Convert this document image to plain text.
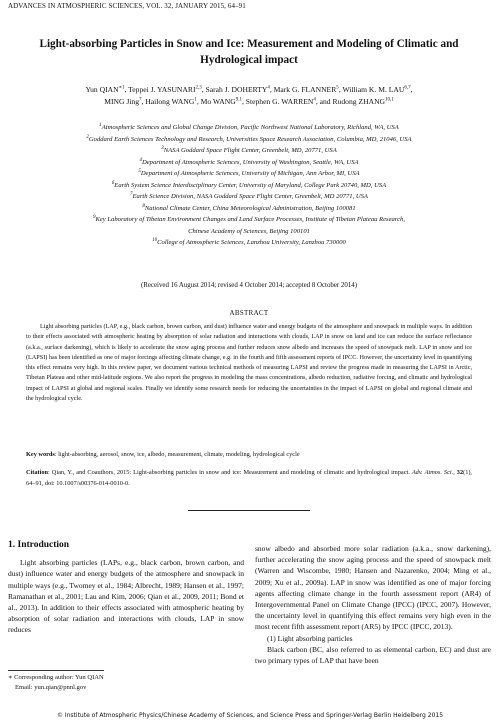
ADVANCES IN ATMOSPHERIC SCIENCES, VOL. 32, JANUARY 2015, 64–91
Light-absorbing Particles in Snow and Ice: Measurement and Modeling of Climatic and Hydrological impact
Yun $QIAN^{∗1}$, Teppei J. YASUNARI$^{2,3}$, Sarah J. DOHERTY$^4$, Mark G. FLANNER$^5$, William K. M. LAU$^{6,7}$,
MING Jing$^7$, Hailong WANG$^1$, Mo WANG$^{9,1}$, Stephen G. WARREN$^4$, and Rudong ZHANG$^{10,1}$
$^1$Atmospheric Sciences and Global Change Division, Pacific Northwest National Laboratory, Richland, WA, USA
$^2$Goddard Earth Sciences Technology and Research, Universities Space Research Association, Columbia, MD, 21046, USA
$^3$NASA Goddard Space Flight Center, Greenbelt, MD, 20771, USA
$^4$Department of Atmospheric Sciences, University of Washington, Seattle, WA, USA
$^5$Department of Atmospheric Sciences, University of Michigan, Ann Arbor, MI, USA
$^6$Earth System Science Interdisciplinary Center, University of Maryland, College Park 20740, MD, USA
$^7$Earth Science Division, NASA Goddard Space Flight Center, Greenbelt, MD 20771, USA
$^8$National Climate Center, China Meteorological Administration, Beijing 100081
$^9$Key Laboratory of Tibetan Environment Changes and Land Surface Processes, Institute of Tibetan Plateau Research,
Chinese Academy of Sciences, Beijing 100101
$^{10}$College of Atmospheric Sciences, Lanzhou University, Lanzhou 730000
(Received 16 August 2014; revised 4 October 2014; accepted 8 October 2014)
ABSTRACT
Light absorbing particles (LAP, e.g., black carbon, brown carbon, and dust) influence water and energy budgets of the atmosphere and snowpack in multiple ways. In addition to their effects associated with atmospheric heating by absorption of solar radiation and interactions with clouds, LAP in snow on land and ice can reduce the surface reflectance (a.k.a., surface darkening), which is likely to accelerate the snow aging process and further reduces snow albedo and increases the speed of snowpack melt. LAP in snow and ice (LAPSI) has been identified as one of major forcings affecting climate change, e.g. in the fourth and fifth assessment reports of IPCC. However, the uncertainty level in quantifying this effect remains very high. In this review paper, we document various technical methods of measuring LAPSI and review the progress made in measuring the LAPSI in Arctic, Tibetan Plateau and other mid-latitude regions. We also report the progress in modeling the mass concentrations, albedo reduction, radiative forcing, and climatic and hydrological impact of LAPSI at global and regional scales. Finally we identify some research needs for reducing the uncertainties in the impact of LAPSI on global and regional climate and the hydrological cycle.
Key words: light-absorbing, aerosol, snow, ice, albedo, measurement, climate, modeling, hydrological cycle
Citation: Qian, Y., and Coauthors, 2015: Light-absorbing particles in snow and ice: Measurement and modeling of climatic and hydrological impact. Adv. Atmos. Sci., 32(1), 64–91, doi: 10.1007/s00376-014-0010-0.
1. Introduction

Light absorbing particles (LAPs, e.g., black carbon, brown carbon, and dust) influence water and energy budgets of the atmosphere and snowpack in multiple ways (e.g., Twomey et al., 1984; Albrecht, 1989; Hansen et al., 1997; Ramanathan et al., 2001; Lau and Kim, 2006; Qian et al., 2009, 2011; Bond et al., 2013). In addition to their effects associated with atmospheric heating by absorption of solar radiation and interactions with clouds, LAP in snow reduces

snow albedo and absorbed more solar radiation (a.k.a., snow darkening), further accelerating the snow aging process and the speed of snowpack melt (Warren and Wiscombe, 1980; Hansen and Nazarenko, 2004; Ming et al., 2009; Xu et al., 2009a). LAP in snow was identified as one of major forcing agents affecting climate change in the fourth assessment report (AR4) of Intergovernmental Panel on Climate Change (IPCC) (IPCC, 2007). However, the uncertainty level in quantifying this effect remains very high even in the most recent fifth assessment report (AR5) by IPCC (IPCC, 2013).

(1) Light absorbing particles

Black carbon (BC, also referred to as elemental carbon, EC) and dust are two primary types of LAP that have been

∗ Corresponding author: Yun QIAN
Email: yun.qian@pnnl.gov
© Institute of Atmospheric Physics/Chinese Academy of Sciences, and Science Press and Springer-Verlag Berlin Heidelberg 2015
